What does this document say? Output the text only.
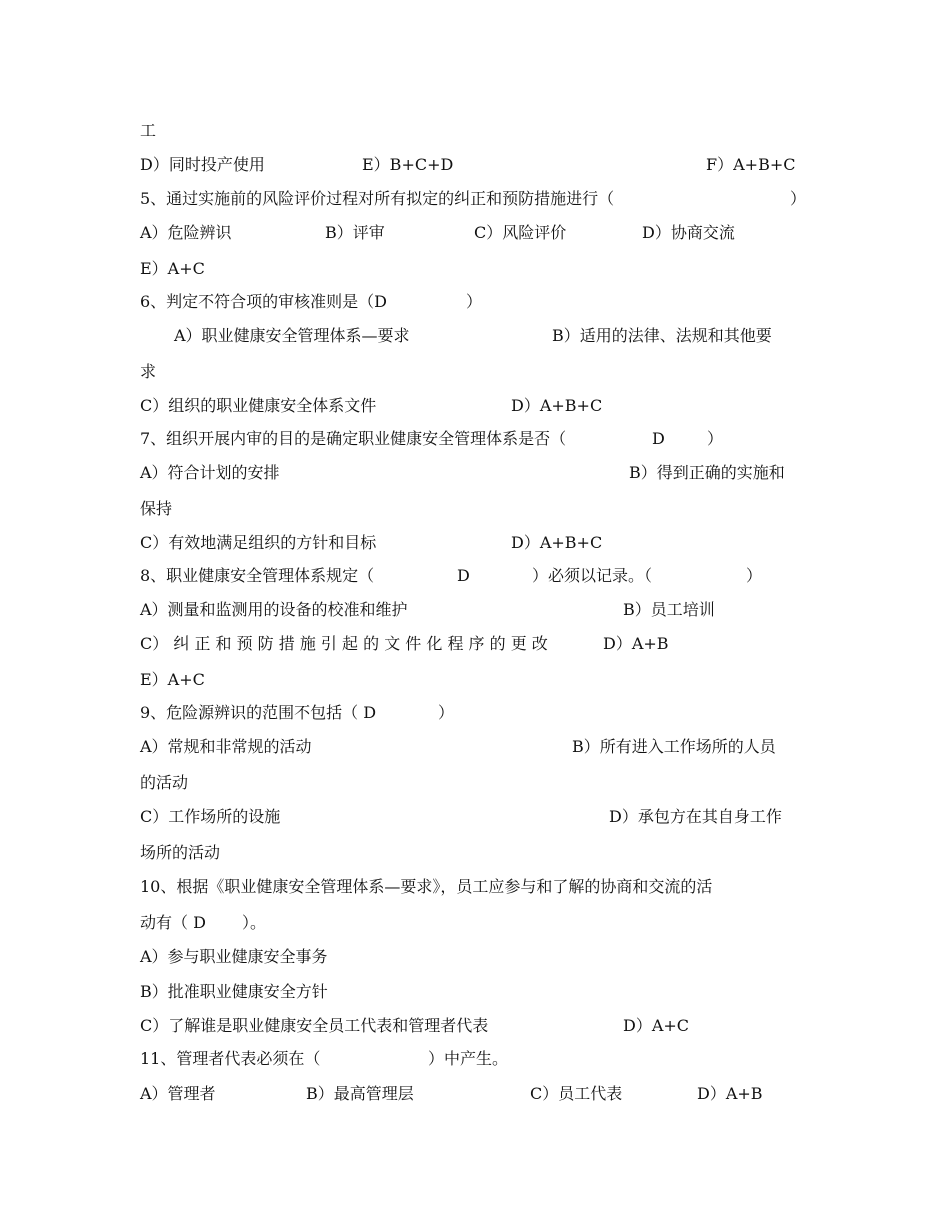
工
D）同时投产使用	E）B+C+D	F）A+B+C
5、通过实施前的风险评价过程对所有拟定的纠正和预防措施进行（	）
A）危险辨识	B）评审	C）风险评价	D）协商交流
E）A+C
6、判定不符合项的审核准则是（D	）
A）职业健康安全管理体系—要求	B）适用的法律、法规和其他要
求
C）组织的职业健康安全体系文件	D）A+B+C
7、组织开展内审的目的是确定职业健康安全管理体系是否（	D	）
A）符合计划的安排	B）得到正确的实施和
保持
C）有效地满足组织的方针和目标	D）A+B+C
8、职业健康安全管理体系规定（	D	）必须以记录。（	）
A）测量和监测用的设备的校准和维护	B）员工培训
C） 纠 正 和 预 防 措 施 引 起 的 文 件 化 程 序 的 更 改	D）A+B
E）A+C
9、危险源辨识的范围不包括（ D	）
A）常规和非常规的活动	B）所有进入工作场所的人员
的活动
C）工作场所的设施	D）承包方在其自身工作
场所的活动
10、根据《职业健康安全管理体系—要求》，员工应参与和了解的协商和交流的活
动有（ D ）。
A）参与职业健康安全事务
B）批准职业健康安全方针
C）了解谁是职业健康安全员工代表和管理者代表	D）A+C
11、管理者代表必须在（	）中产生。
A）管理者	B）最高管理层	C）员工代表	D）A+B
